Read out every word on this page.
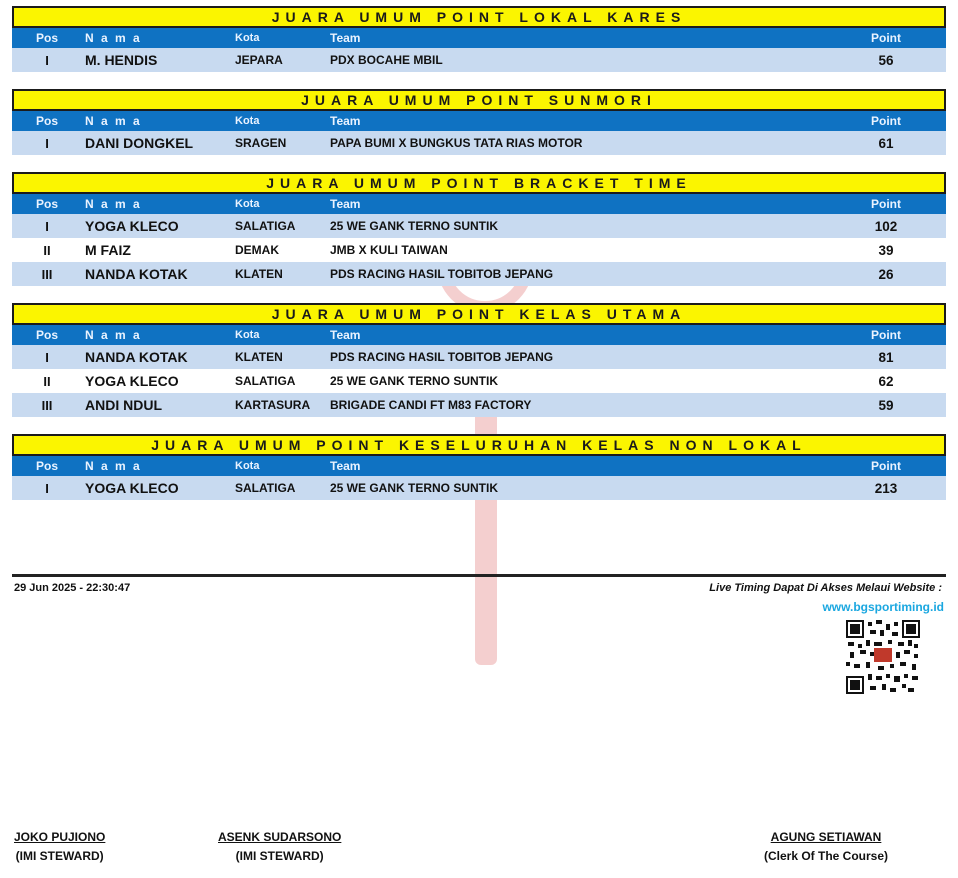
JUARA UMUM POINT LOKAL KARES
Pos	N a m a	Kota	Team	Point
I	M. HENDIS	JEPARA	PDX BOCAHE MBIL	56
JUARA UMUM POINT SUNMORI
Pos	N a m a	Kota	Team	Point
I	DANI DONGKEL	SRAGEN	PAPA BUMI X BUNGKUS TATA RIAS MOTOR	61
JUARA UMUM POINT BRACKET TIME
Pos	N a m a	Kota	Team	Point
I	YOGA KLECO	SALATIGA	25 WE GANK TERNO SUNTIK	102
II	M FAIZ	DEMAK	JMB X KULI TAIWAN	39
III	NANDA KOTAK	KLATEN	PDS RACING HASIL TOBITOB JEPANG	26
JUARA UMUM POINT KELAS UTAMA
Pos	N a m a	Kota	Team	Point
I	NANDA KOTAK	KLATEN	PDS RACING HASIL TOBITOB JEPANG	81
II	YOGA KLECO	SALATIGA	25 WE GANK TERNO SUNTIK	62
III	ANDI NDUL	KARTASURA	BRIGADE CANDI FT M83 FACTORY	59
JUARA UMUM POINT KESELURUHAN KELAS NON LOKAL
Pos	N a m a	Kota	Team	Point
I	YOGA KLECO	SALATIGA	25 WE GANK TERNO SUNTIK	213
29 Jun 2025 - 22:30:47	Live Timing Dapat Di Akses Melaui Website :
www.bgsportiming.id
JOKO PUJIONO
(IMI STEWARD)
ASENK SUDARSONO
(IMI STEWARD)
AGUNG SETIAWAN
(Clerk Of The Course)
